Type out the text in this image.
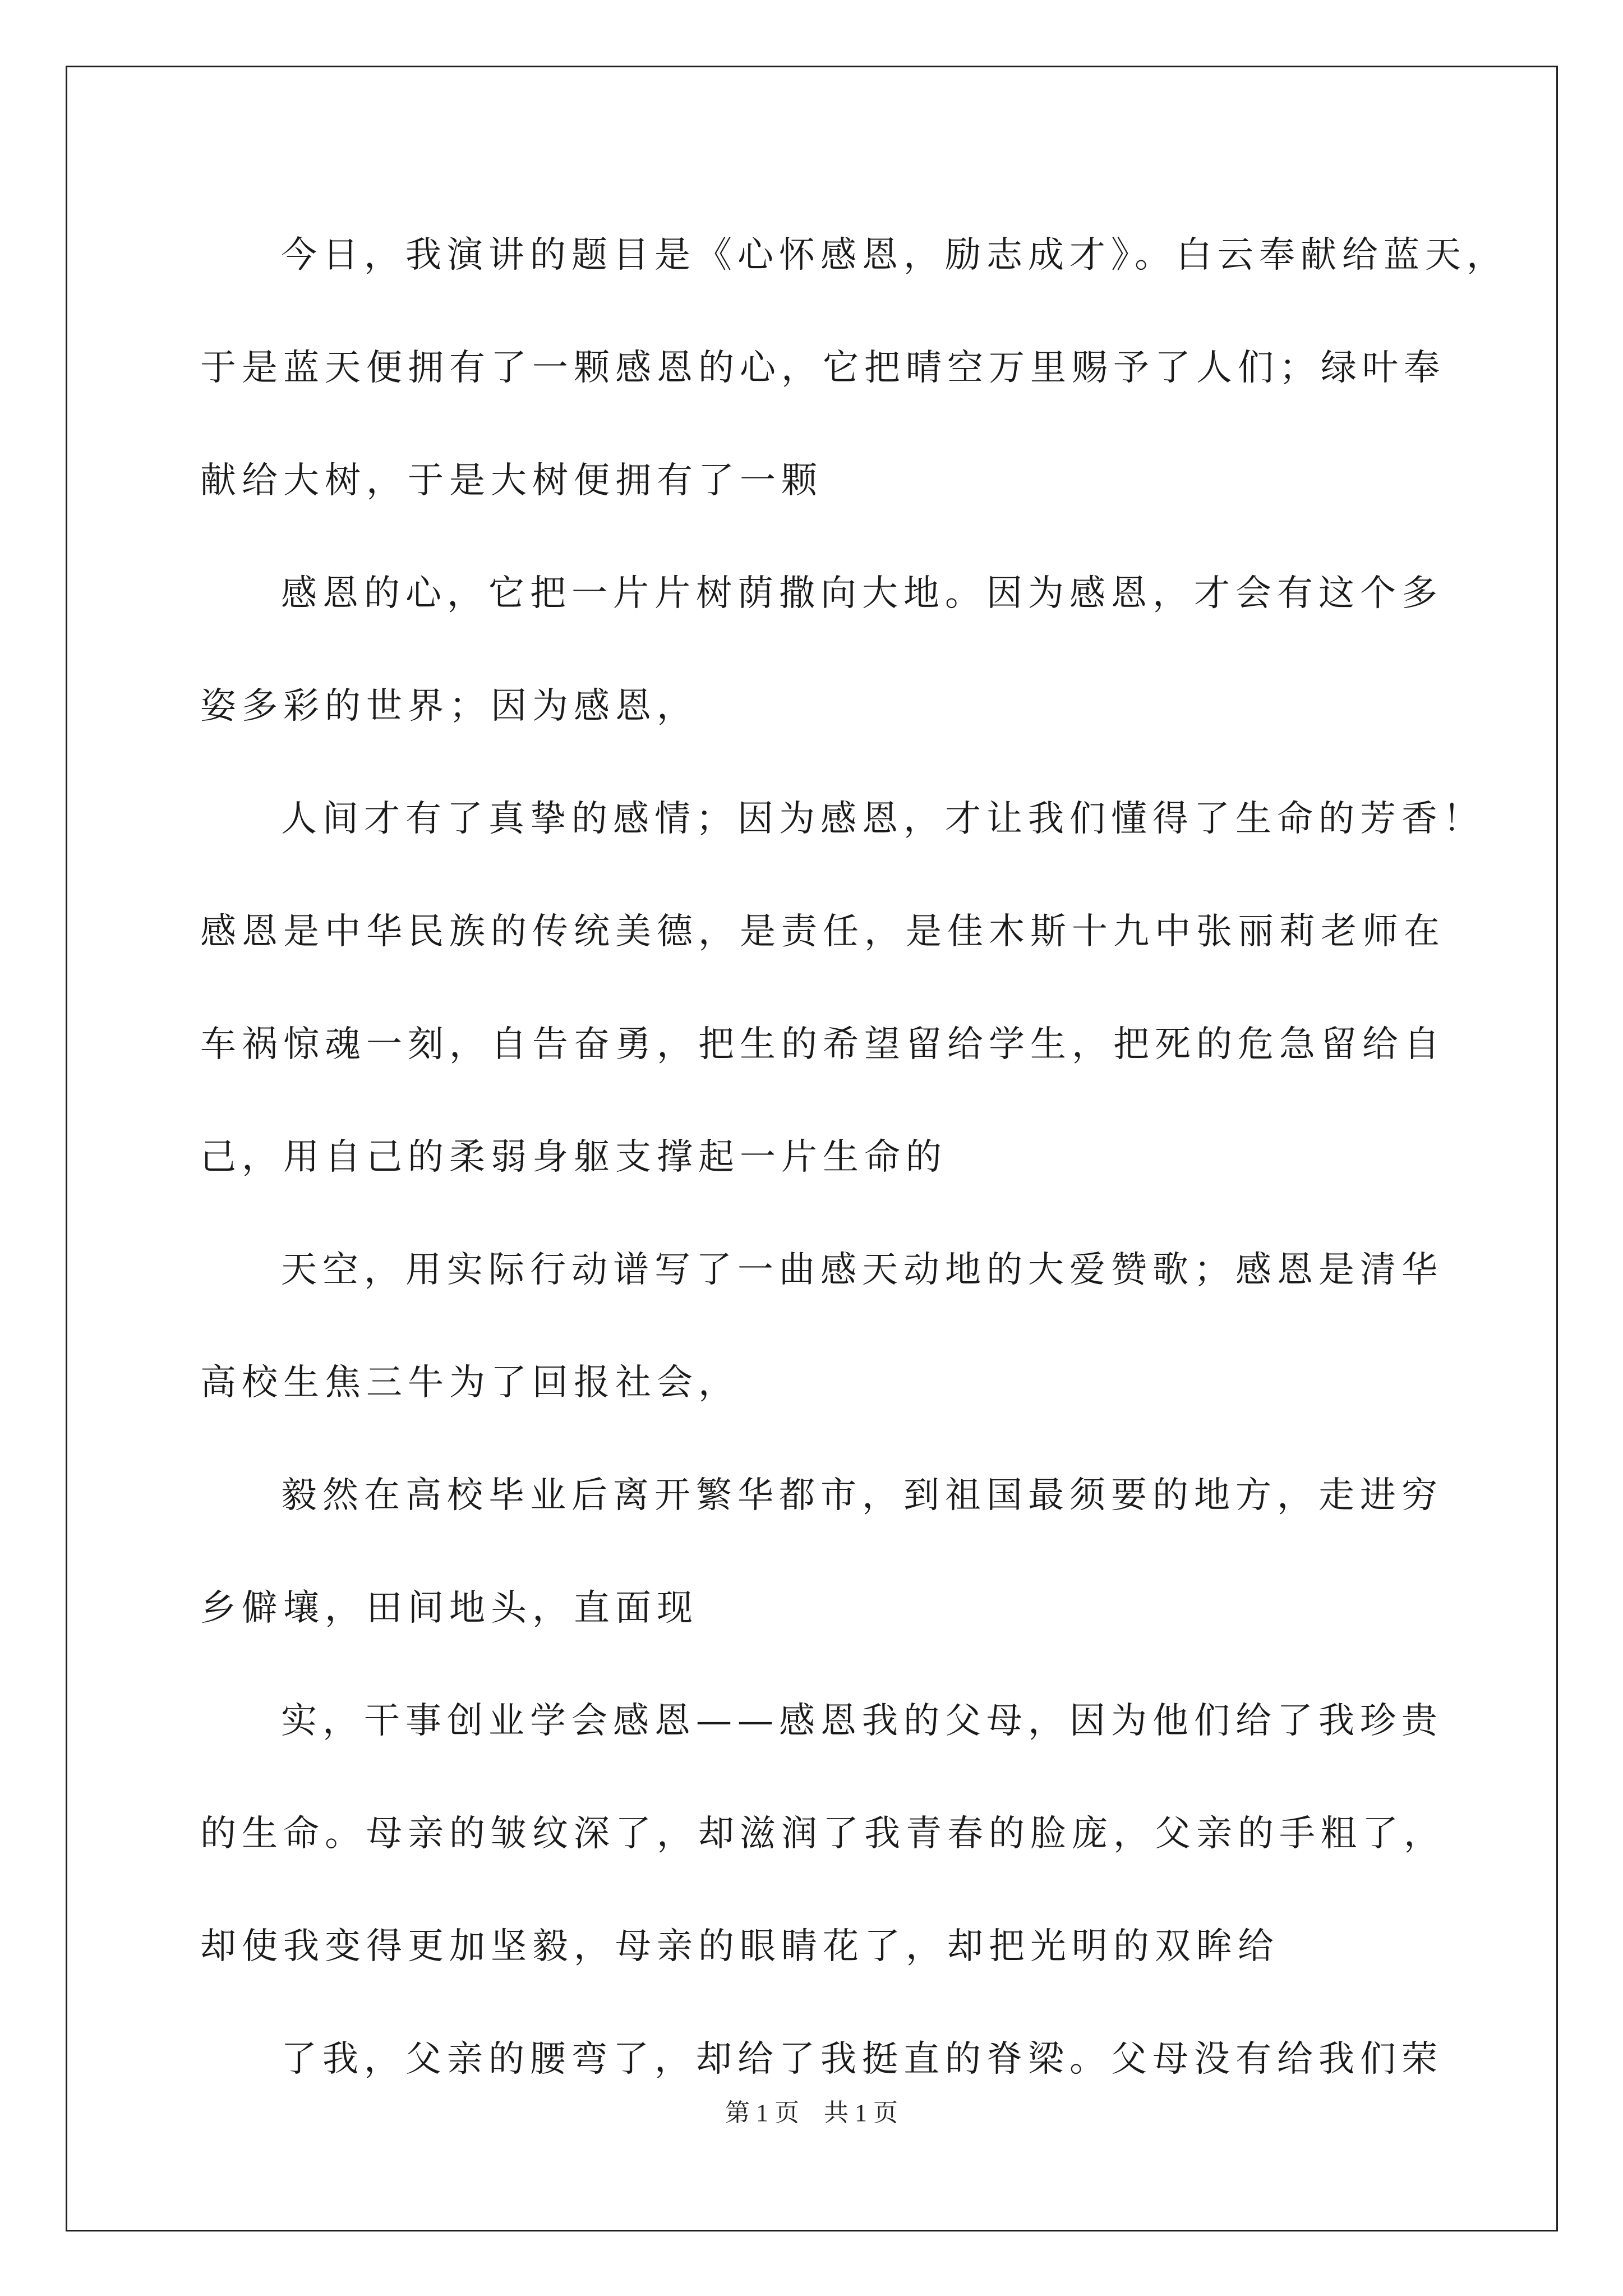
今日，我演讲的题目是《心怀感恩，励志成才》。白云奉献给蓝天，
于是蓝天便拥有了一颗感恩的心，它把晴空万里赐予了人们；绿叶奉
献给大树，于是大树便拥有了一颗
感恩的心，它把一片片树荫撒向大地。因为感恩，才会有这个多
姿多彩的世界；因为感恩，
人间才有了真挚的感情；因为感恩，才让我们懂得了生命的芳香！
感恩是中华民族的传统美德，是责任，是佳木斯十九中张丽莉老师在
车祸惊魂一刻，自告奋勇，把生的希望留给学生，把死的危急留给自
己，用自己的柔弱身躯支撑起一片生命的
天空，用实际行动谱写了一曲感天动地的大爱赞歌；感恩是清华
高校生焦三牛为了回报社会，
毅然在高校毕业后离开繁华都市，到祖国最须要的地方，走进穷
乡僻壤，田间地头，直面现
实，干事创业学会感恩——感恩我的父母，因为他们给了我珍贵
的生命。母亲的皱纹深了，却滋润了我青春的脸庞，父亲的手粗了，
却使我变得更加坚毅，母亲的眼睛花了，却把光明的双眸给
了我，父亲的腰弯了，却给了我挺直的脊梁。父母没有给我们荣
第 1 页    共 1 页
